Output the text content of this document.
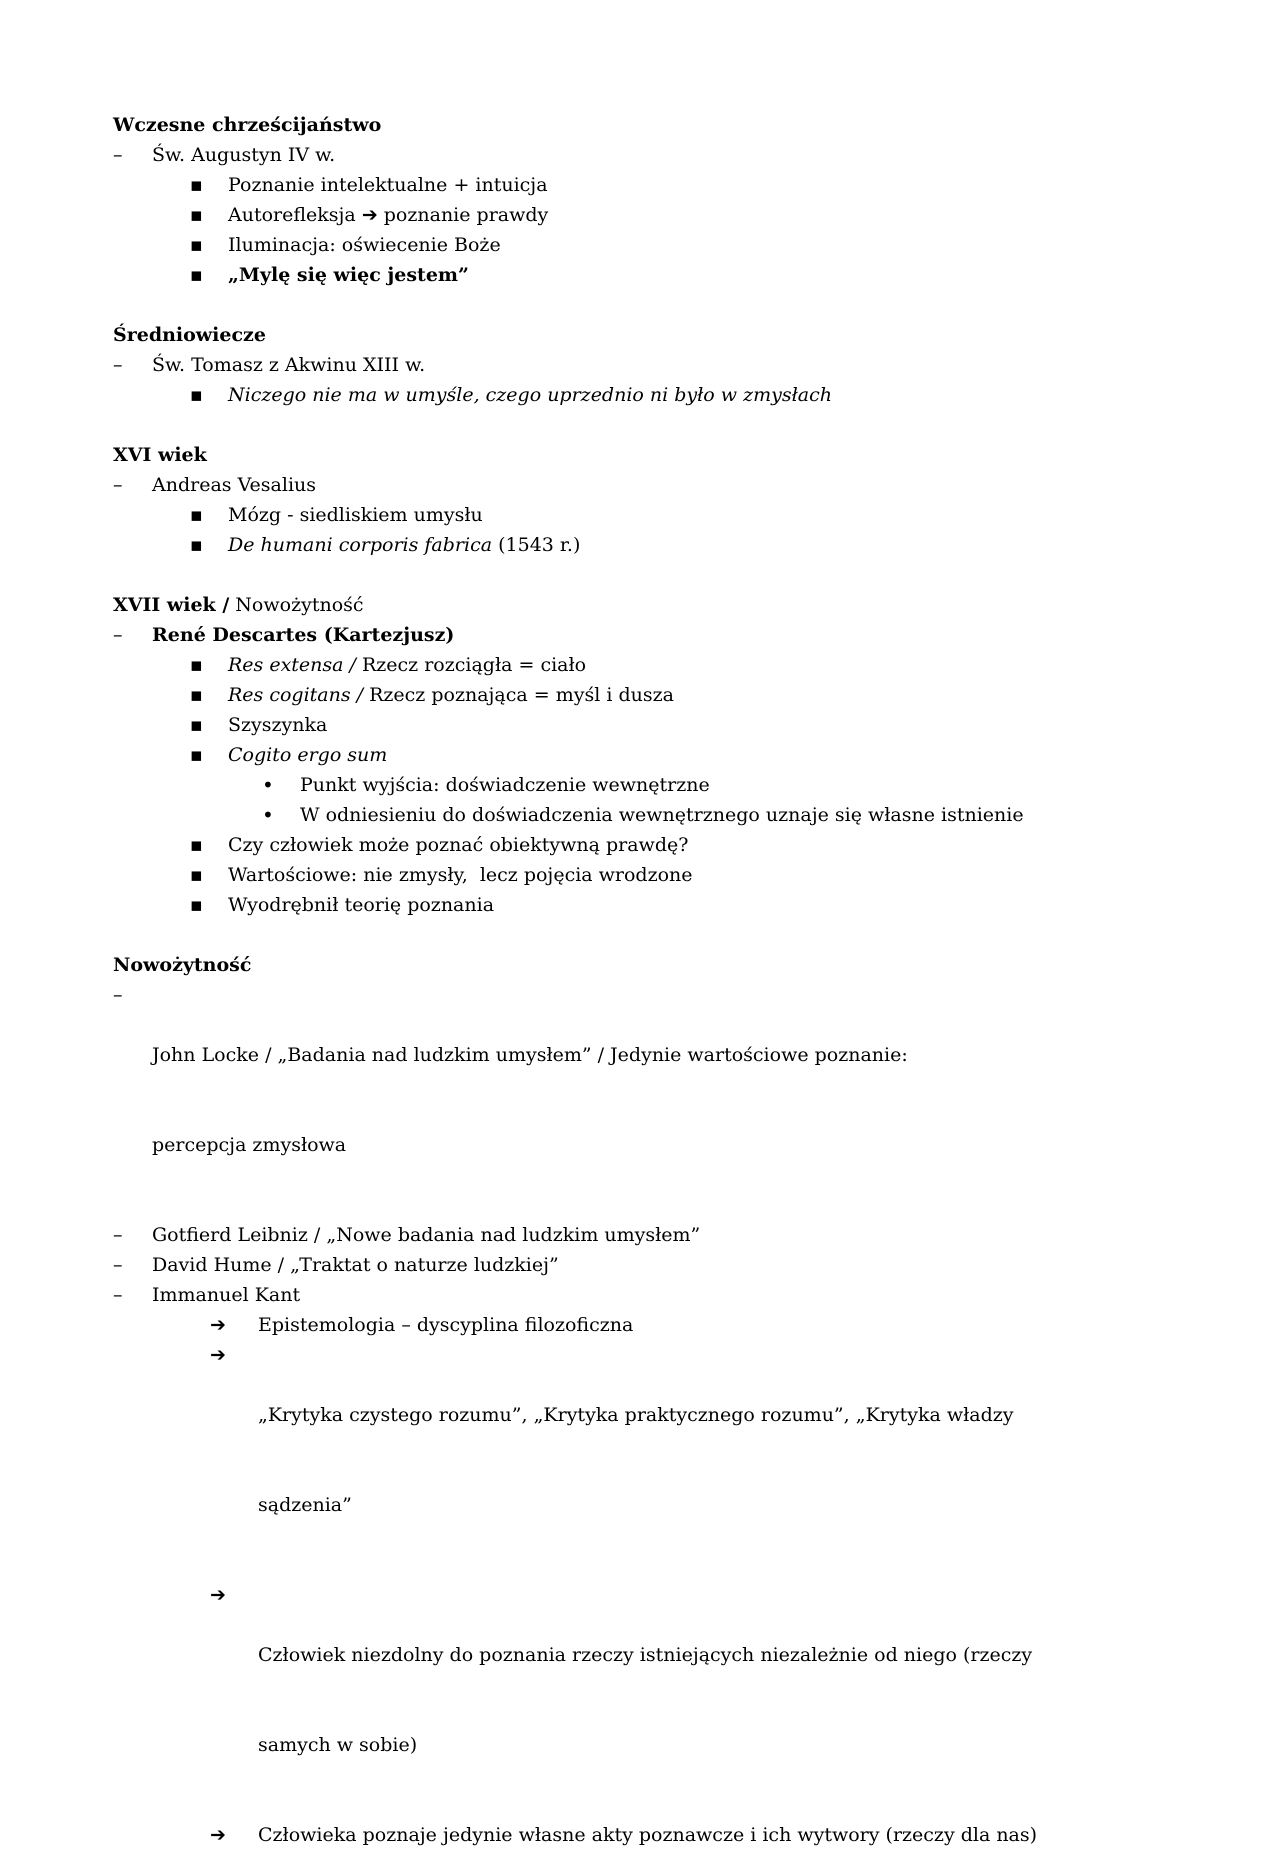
Wczesne chrześcijaństwo
–	Św. Augustyn IV w.
▪	Poznanie intelektualne + intuicja
▪	Autorefleksja ➔ poznanie prawdy
▪	Iluminacja: oświecenie Boże
▪	„Mylę się więc jestem”
Średniowiecze
–	Św. Tomasz z Akwinu XIII w.
▪	Niczego nie ma w umyśle, czego uprzednio ni było w zmysłach
XVI wiek
–	Andreas Vesalius
▪	Mózg - siedliskiem umysłu
▪	De humani corporis fabrica (1543 r.)
XVII wiek / Nowożytność
–	René Descartes (Kartezjusz)
▪	Res extensa / Rzecz rozciągła = ciało
▪	Res cogitans / Rzecz poznająca = myśl i dusza
▪	Szyszynka
▪	Cogito ergo sum
•	Punkt wyjścia: doświadczenie wewnętrzne
•	W odniesieniu do doświadczenia wewnętrznego uznaje się własne istnienie
▪	Czy człowiek może poznać obiektywną prawdę?
▪	Wartościowe: nie zmysły,  lecz pojęcia wrodzone
▪	Wyodrębnił teorię poznania
Nowożytność
–

John Locke / „Badania nad ludzkim umysłem” / Jedynie wartościowe poznanie:

percepcja zmysłowa

–	Gotfierd Leibniz / „Nowe badania nad ludzkim umysłem”
–	David Hume / „Traktat o naturze ludzkiej”
–	Immanuel Kant
➔	Epistemologia – dyscyplina filozoficzna
➔

„Krytyka czystego rozumu”, „Krytyka praktycznego rozumu”, „Krytyka władzy

sądzenia”

➔

Człowiek niezdolny do poznania rzeczy istniejących niezależnie od niego (rzeczy

samych w sobie)

➔	Człowieka poznaje jedynie własne akty poznawcze i ich wytwory (rzeczy dla nas)
